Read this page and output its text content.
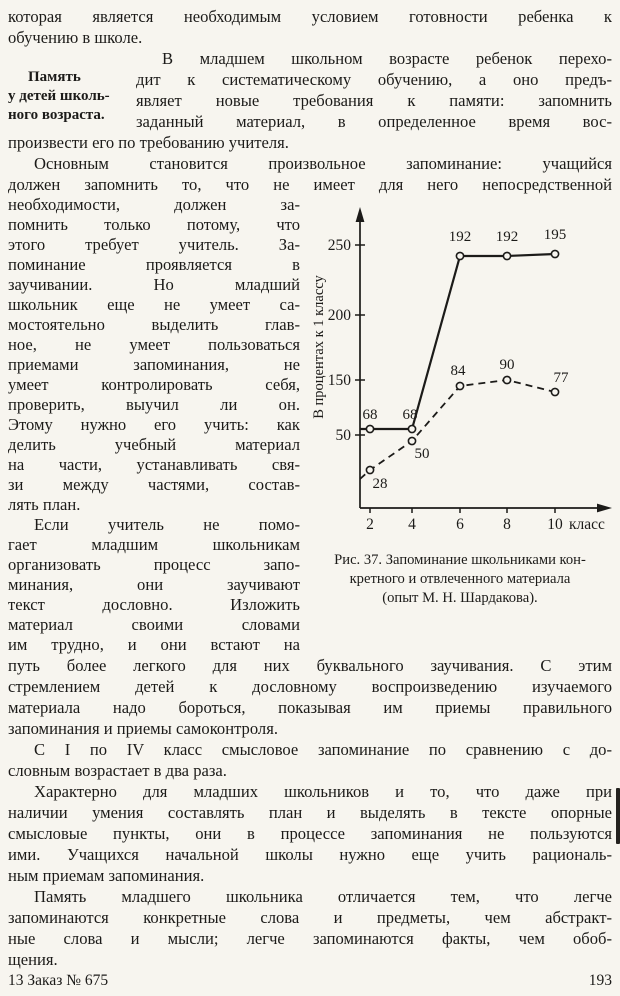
которая является необходимым условием готовности ребенка к
обучению в школе.
Память
у детей школь-
ного возраста.
В младшем школьном возрасте ребенок перехо-
дит к систематическому обучению, а оно предъ-
являет новые требования к памяти: запомнить
заданный материал, в определенное время вос-
произвести его по требованию учителя.
Основным становится произвольное запоминание: учащийся
должен запомнить то, что не имеет для него непосредственной
необходимости, должен за-
помнить только потому, что
этого требует учитель. За-
поминание проявляется в
заучивании. Но младший
школьник еще не умеет са-
мостоятельно выделить глав-
ное, не умеет пользоваться
приемами запоминания, не
умеет контролировать себя,
проверить, выучил ли он.
Этому нужно его учить: как
делить учебный материал
на части, устанавливать свя-
зи между частями, состав-
лять план.
Если учитель не помо-
гает младшим школьникам
организовать процесс запо-
минания, они заучивают
текст дословно. Изложить
материал своими словами
им трудно, и они встают на
50
150
200
250
2 4	6	8 10 класс
В процентах к 1 классу 68 68
192 192 195
28
50
84 90
77
Рис. 37. Запоминание школьниками кон-
кретного и отвлеченного материала
(опыт М. Н. Шардакова).
путь более легкого для них буквального заучивания. С этим
стремлением детей к дословному воспроизведению изучаемого
материала надо бороться, показывая им приемы правильного
запоминания и приемы самоконтроля.
С I по IV класс смысловое запоминание по сравнению с до-
словным возрастает в два раза.
Характерно для младших школьников и то, что даже при
наличии умения составлять план и выделять в тексте опорные
смысловые пункты, они в процессе запоминания не пользуются
ими. Учащихся начальной школы нужно еще учить рациональ-
ным приемам запоминания.
Память младшего школьника отличается тем, что легче
запоминаются конкретные слова и предметы, чем абстракт-
ные слова и мысли; легче запоминаются факты, чем обоб-
щения.
13 Заказ № 675	193
